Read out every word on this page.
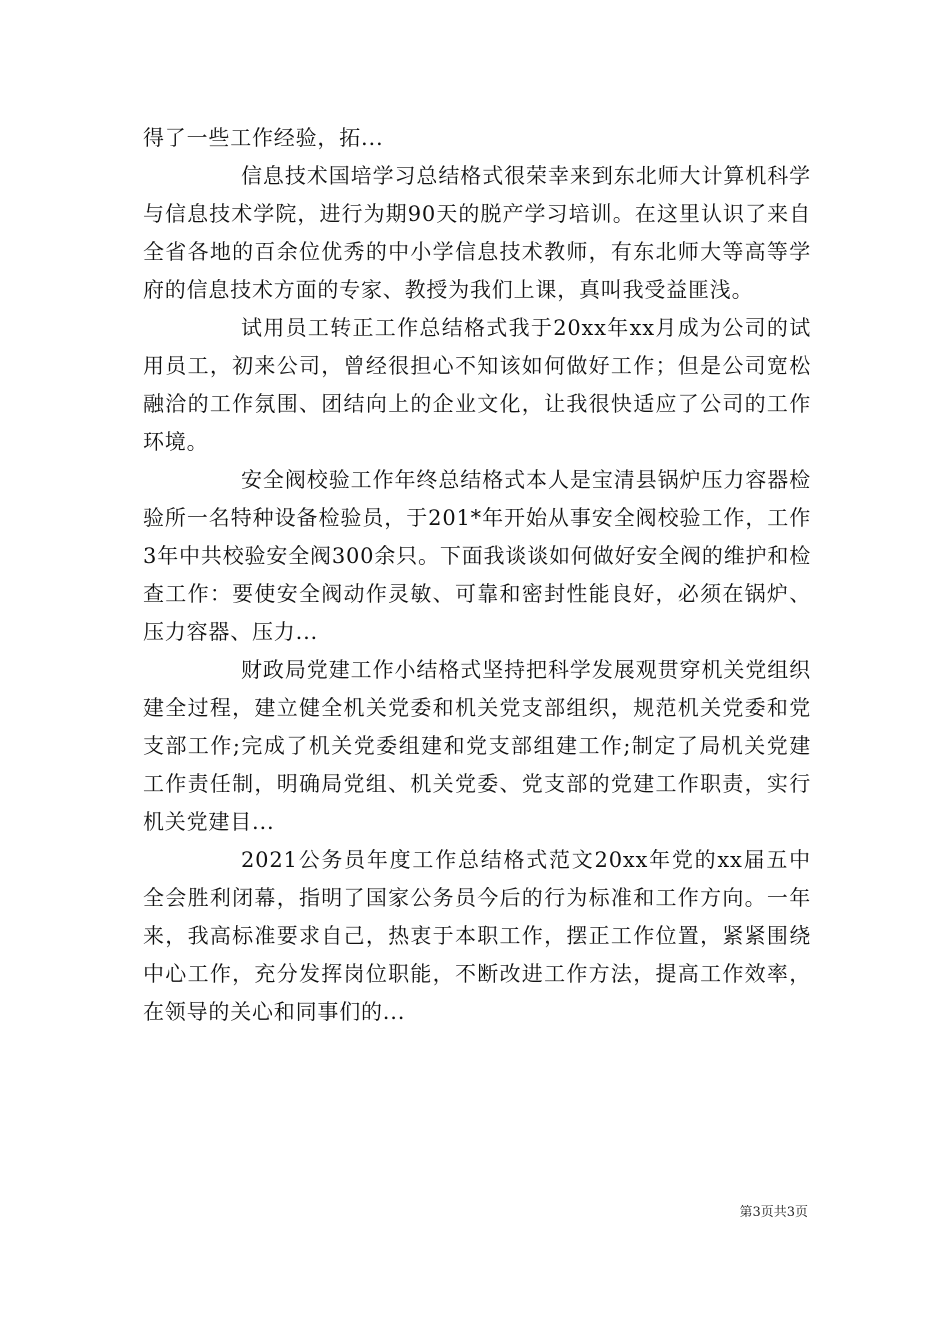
得了一些工作经验，拓...

信息技术国培学习总结格式很荣幸来到东北师大计算机科学与信息技术学院，进行为期90天的脱产学习培训。在这里认识了来自全省各地的百余位优秀的中小学信息技术教师，有东北师大等高等学府的信息技术方面的专家、教授为我们上课，真叫我受益匪浅。

试用员工转正工作总结格式我于20xx年xx月成为公司的试用员工，初来公司，曾经很担心不知该如何做好工作；但是公司宽松融洽的工作氛围、团结向上的企业文化，让我很快适应了公司的工作环境。

安全阀校验工作年终总结格式本人是宝清县锅炉压力容器检验所一名特种设备检验员，于201*年开始从事安全阀校验工作，工作3年中共校验安全阀300余只。下面我谈谈如何做好安全阀的维护和检查工作：要使安全阀动作灵敏、可靠和密封性能良好，必须在锅炉、压力容器、压力...

财政局党建工作小结格式坚持把科学发展观贯穿机关党组织建全过程，建立健全机关党委和机关党支部组织，规范机关党委和党支部工作;完成了机关党委组建和党支部组建工作;制定了局机关党建工作责任制，明确局党组、机关党委、党支部的党建工作职责，实行机关党建目...

2021公务员年度工作总结格式范文20xx年党的xx届五中全会胜利闭幕，指明了国家公务员今后的行为标准和工作方向。一年来，我高标准要求自己，热衷于本职工作，摆正工作位置，紧紧围绕中心工作，充分发挥岗位职能，不断改进工作方法，提高工作效率，在领导的关心和同事们的...

第3页共3页
